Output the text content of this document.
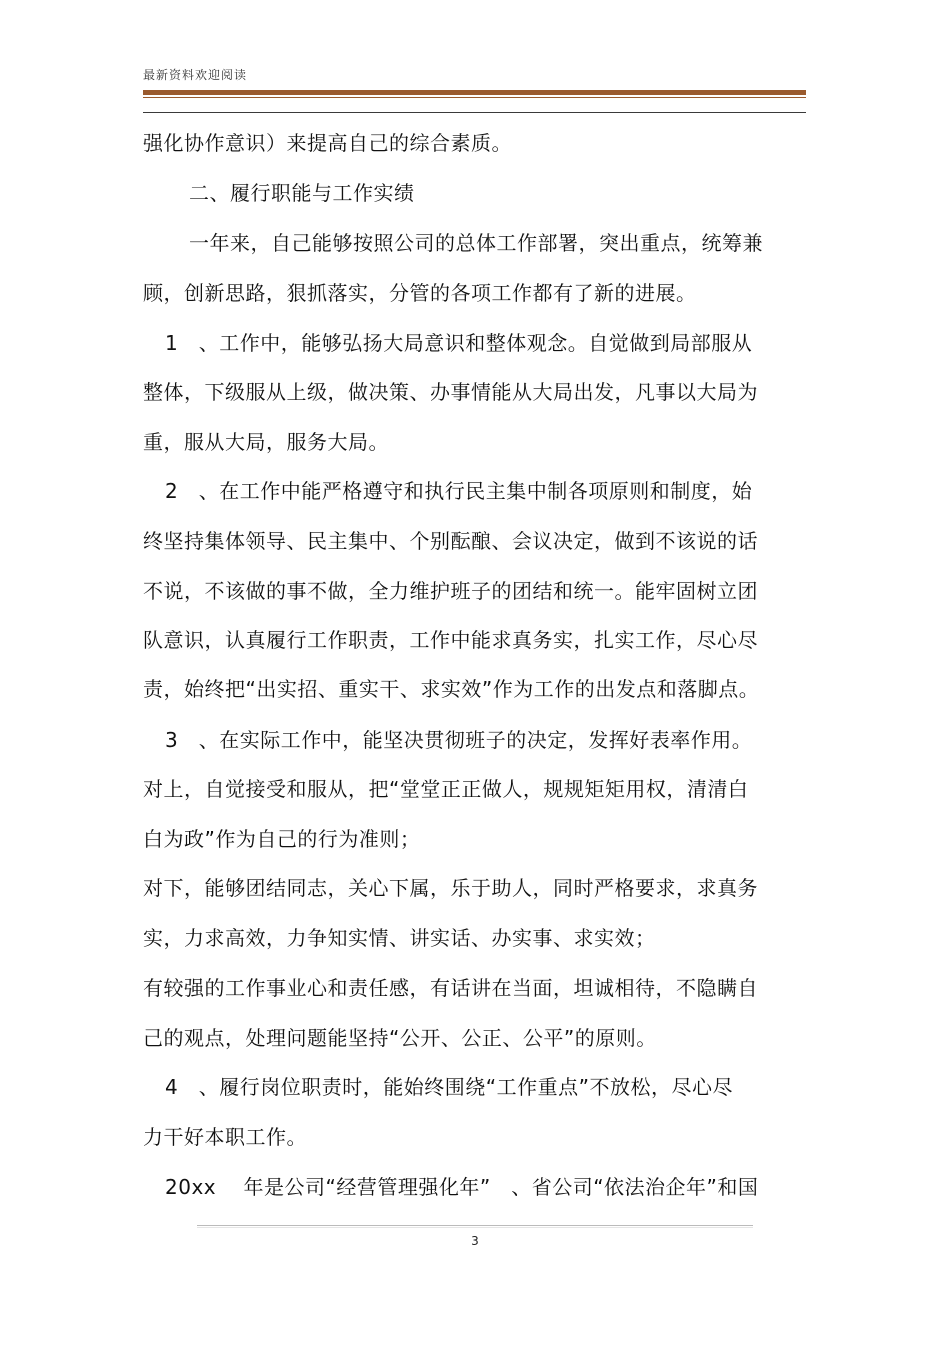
最新资料欢迎阅读
强化协作意识）来提高自己的综合素质。
二、履行职能与工作实绩
一年来，自己能够按照公司的总体工作部署，突出重点，统筹兼
顾，创新思路，狠抓落实，分管的各项工作都有了新的进展。
1　、工作中，能够弘扬大局意识和整体观念。自觉做到局部服从
整体，下级服从上级，做决策、办事情能从大局出发，凡事以大局为
重，服从大局，服务大局。
2　、在工作中能严格遵守和执行民主集中制各项原则和制度，始
终坚持集体领导、民主集中、个别酝酿、会议决定，做到不该说的话
不说，不该做的事不做，全力维护班子的团结和统一。能牢固树立团
队意识，认真履行工作职责，工作中能求真务实，扎实工作，尽心尽
责，始终把“出实招、重实干、求实效”作为工作的出发点和落脚点。
3　、在实际工作中，能坚决贯彻班子的决定，发挥好表率作用。
对上，自觉接受和服从，把“堂堂正正做人，规规矩矩用权，清清白
白为政”作为自己的行为准则；
对下，能够团结同志，关心下属，乐于助人，同时严格要求，求真务
实，力求高效，力争知实情、讲实话、办实事、求实效；
有较强的工作事业心和责任感，有话讲在当面，坦诚相待，不隐瞒自
己的观点，处理问题能坚持“公开、公正、公平”的原则。
4　、履行岗位职责时，能始终围绕“工作重点”不放松，尽心尽
力干好本职工作。
20xx　 年是公司“经营管理强化年”　、省公司“依法治企年”和国
3
